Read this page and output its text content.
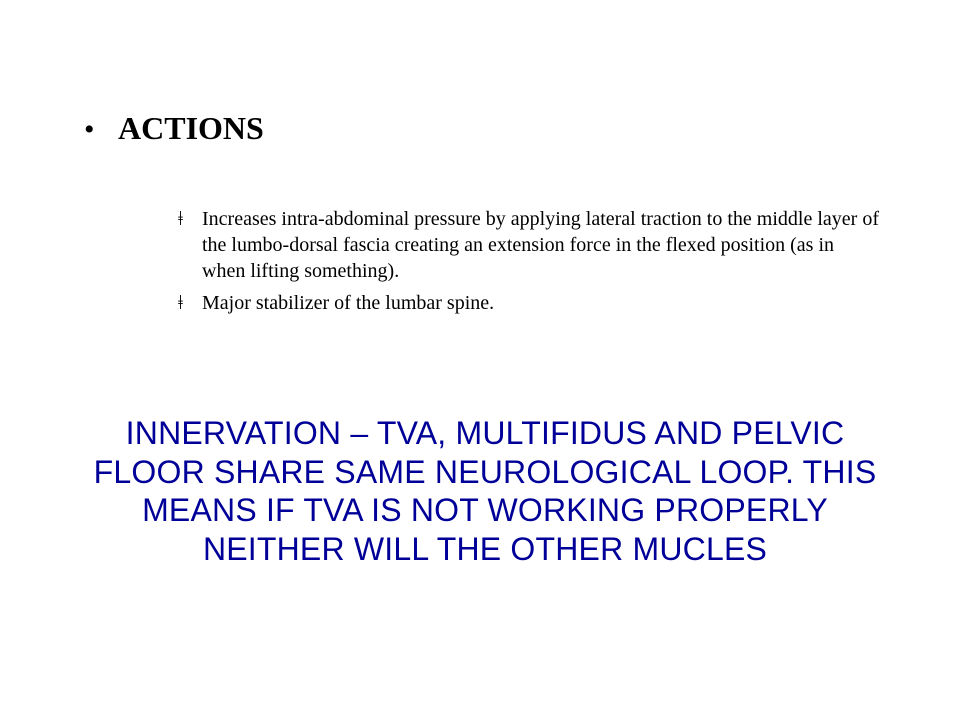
• ACTIONS
ǂ Increases intra-abdominal pressure by applying lateral traction to the middle layer of the lumbo-dorsal fascia creating an extension force in the flexed position (as in when lifting something).
ǂ Major stabilizer of the lumbar spine.
INNERVATION – TVA, MULTIFIDUS AND PELVIC FLOOR SHARE SAME NEUROLOGICAL LOOP. THIS MEANS IF TVA IS NOT WORKING PROPERLY NEITHER WILL THE OTHER MUCLES
